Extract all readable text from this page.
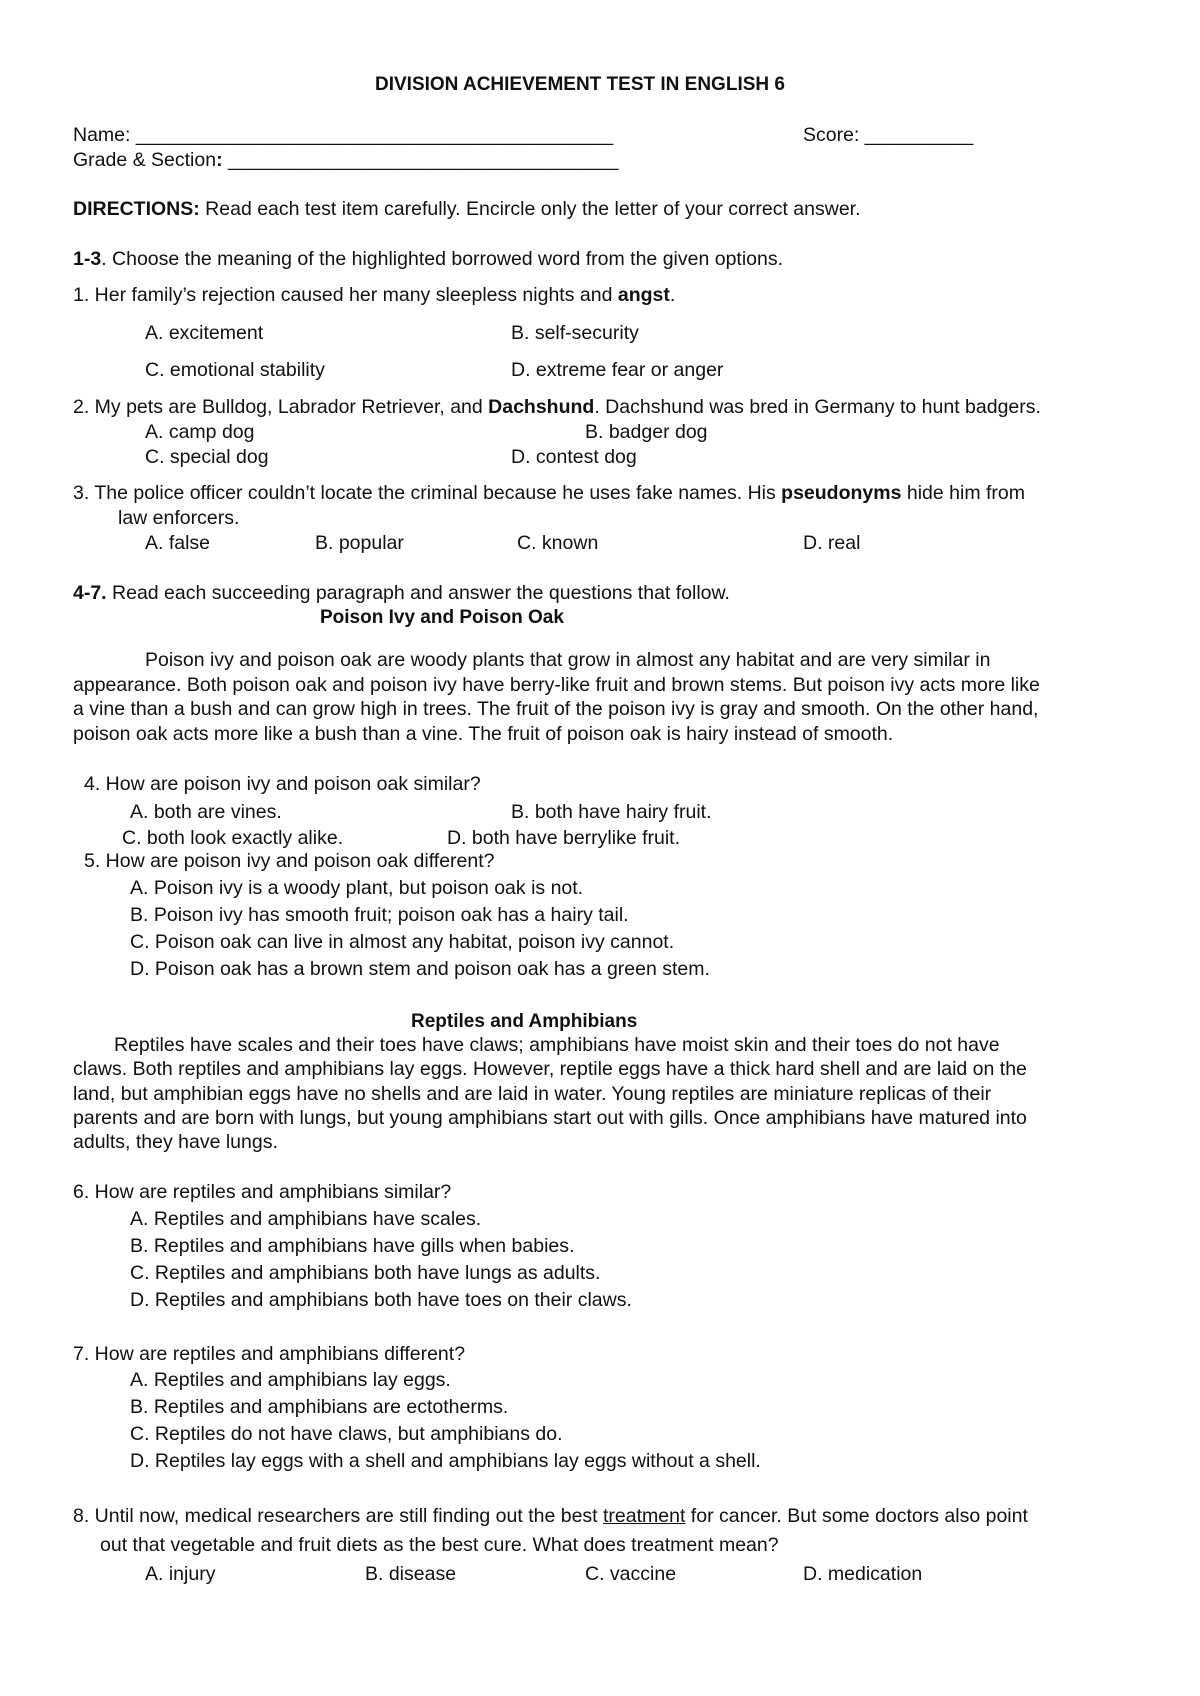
DIVISION ACHIEVEMENT TEST IN ENGLISH 6
Name: ____________________________________________	Score: __________
Grade & Section: ____________________________________
DIRECTIONS: Read each test item carefully. Encircle only the letter of your correct answer.
1-3. Choose the meaning of the highlighted borrowed word from the given options.
1. Her family’s rejection caused her many sleepless nights and angst.
A. excitement	B. self-security
C. emotional stability	D. extreme fear or anger
2. My pets are Bulldog, Labrador Retriever, and Dachshund. Dachshund was bred in Germany to hunt badgers.
A. camp dog	B. badger dog
C. special dog	D. contest dog
3. The police officer couldn’t locate the criminal because he uses fake names. His pseudonyms hide him from
law enforcers.
A. false	B. popular	C. known	D. real
4-7. Read each succeeding paragraph and answer the questions that follow.
Poison Ivy and Poison Oak
Poison ivy and poison oak are woody plants that grow in almost any habitat and are very similar in
appearance. Both poison oak and poison ivy have berry-like fruit and brown stems. But poison ivy acts more like
a vine than a bush and can grow high in trees. The fruit of the poison ivy is gray and smooth. On the other hand,
poison oak acts more like a bush than a vine. The fruit of poison oak is hairy instead of smooth.
4. How are poison ivy and poison oak similar?
A. both are vines.	B. both have hairy fruit.
C. both look exactly alike.	D. both have berrylike fruit.
5. How are poison ivy and poison oak different?
A. Poison ivy is a woody plant, but poison oak is not.
B. Poison ivy has smooth fruit; poison oak has a hairy tail.
C. Poison oak can live in almost any habitat, poison ivy cannot.
D. Poison oak has a brown stem and poison oak has a green stem.
Reptiles and Amphibians
Reptiles have scales and their toes have claws; amphibians have moist skin and their toes do not have
claws. Both reptiles and amphibians lay eggs. However, reptile eggs have a thick hard shell and are laid on the
land, but amphibian eggs have no shells and are laid in water. Young reptiles are miniature replicas of their
parents and are born with lungs, but young amphibians start out with gills. Once amphibians have matured into
adults, they have lungs.
6. How are reptiles and amphibians similar?
A. Reptiles and amphibians have scales.
B. Reptiles and amphibians have gills when babies.
C. Reptiles and amphibians both have lungs as adults.
D. Reptiles and amphibians both have toes on their claws.
7. How are reptiles and amphibians different?
A. Reptiles and amphibians lay eggs.
B. Reptiles and amphibians are ectotherms.
C. Reptiles do not have claws, but amphibians do.
D. Reptiles lay eggs with a shell and amphibians lay eggs without a shell.
8. Until now, medical researchers are still finding out the best treatment for cancer. But some doctors also point
out that vegetable and fruit diets as the best cure. What does treatment mean?
A. injury	B. disease	C. vaccine	D. medication
